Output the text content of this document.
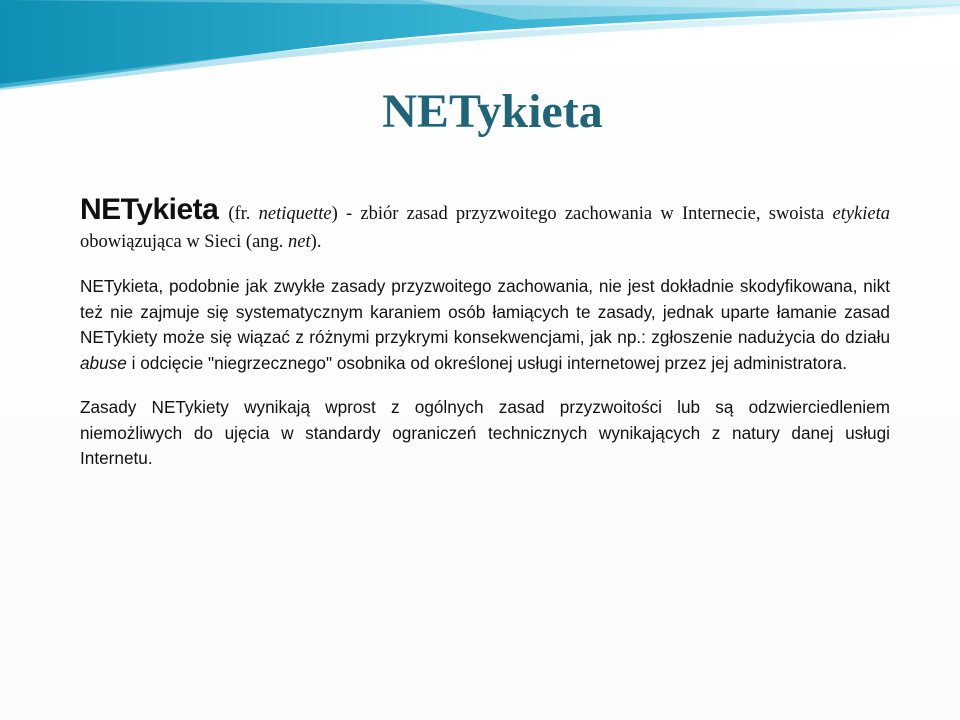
NETykieta

NETykieta (fr. netiquette) - zbiór zasad przyzwoitego zachowania w Internecie, swoista etykieta obowiązująca w Sieci (ang. net).

NETykieta, podobnie jak zwykłe zasady przyzwoitego zachowania, nie jest dokładnie skodyfikowana, nikt też nie zajmuje się systematycznym karaniem osób łamiących te zasady, jednak uparte łamanie zasad NETykiety może się wiązać z różnymi przykrymi konsekwencjami, jak np.: zgłoszenie nadużycia do działu abuse i odcięcie "niegrzecznego" osobnika od określonej usługi internetowej przez jej administratora.

Zasady NETykiety wynikają wprost z ogólnych zasad przyzwoitości lub są odzwierciedleniem niemożliwych do ujęcia w standardy ograniczeń technicznych wynikających z natury danej usługi Internetu.
